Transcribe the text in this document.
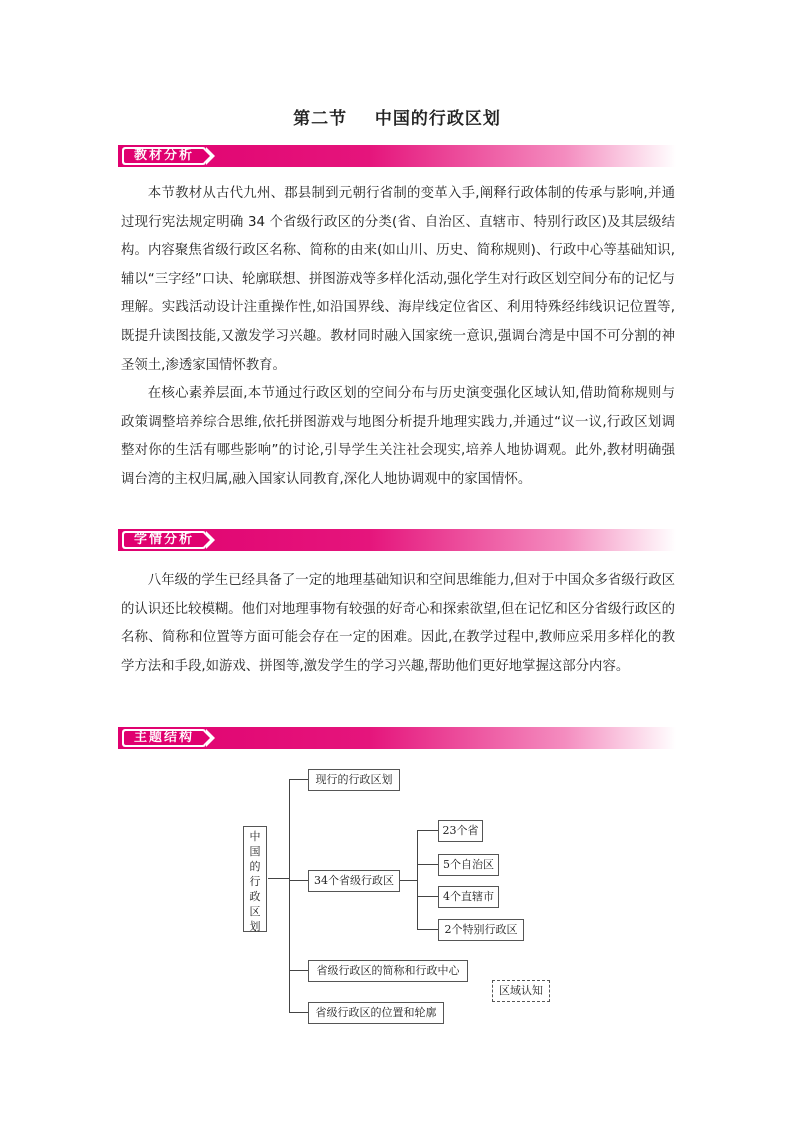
第二节    中国的行政区划
教材分析

本节教材从古代九州、郡县制到元朝行省制的变革入手,阐释行政体制的传承与影响,并通过现行宪法规定明确 34 个省级行政区的分类(省、自治区、直辖市、特别行政区)及其层级结构。内容聚焦省级行政区名称、简称的由来(如山川、历史、简称规则)、行政中心等基础知识,辅以“三字经”口诀、轮廓联想、拼图游戏等多样化活动,强化学生对行政区划空间分布的记忆与理解。实践活动设计注重操作性,如沿国界线、海岸线定位省区、利用特殊经纬线识记位置等,既提升读图技能,又激发学习兴趣。教材同时融入国家统一意识,强调台湾是中国不可分割的神圣领土,渗透家国情怀教育。

在核心素养层面,本节通过行政区划的空间分布与历史演变强化区域认知,借助简称规则与政策调整培养综合思维,依托拼图游戏与地图分析提升地理实践力,并通过“议一议,行政区划调整对你的生活有哪些影响”的讨论,引导学生关注社会现实,培养人地协调观。此外,教材明确强调台湾的主权归属,融入国家认同教育,深化人地协调观中的家国情怀。

学情分析

八年级的学生已经具备了一定的地理基础知识和空间思维能力,但对于中国众多省级行政区的认识还比较模糊。他们对地理事物有较强的好奇心和探索欲望,但在记忆和区分省级行政区的名称、简称和位置等方面可能会存在一定的困难。因此,在教学过程中,教师应采用多样化的教学方法和手段,如游戏、拼图等,激发学生的学习兴趣,帮助他们更好地掌握这部分内容。

主题结构
中
国
的
行
政
区
划
现行的行政区划
34个省级行政区
23个省
5个自治区
4个直辖市
2个特别行政区
省级行政区的简称和行政中心
省级行政区的位置和轮廓
区域认知
